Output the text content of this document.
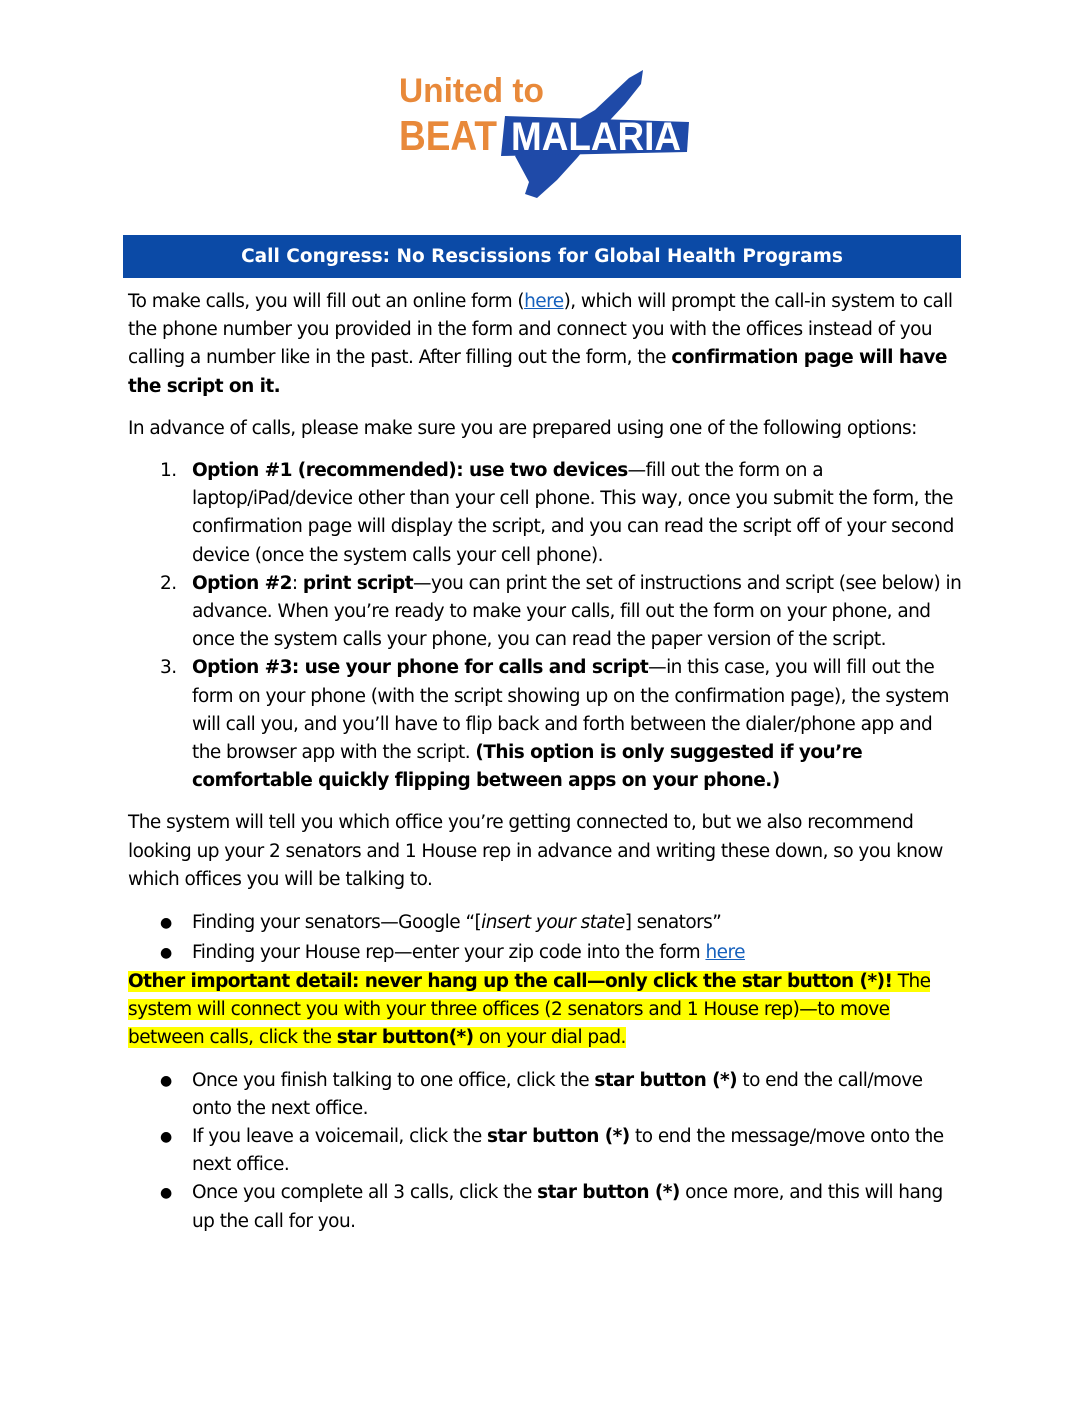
United to
BEAT MALARIA
Call Congress: No Rescissions for Global Health Programs

To make calls, you will fill out an online form (here), which will prompt the call-in system to call the phone number you provided in the form and connect you with the offices instead of you calling a number like in the past. After filling out the form, the confirmation page will have the script on it.

In advance of calls, please make sure you are prepared using one of the following options:

1. Option #1 (recommended): use two devices—fill out the form on a laptop/iPad/device other than your cell phone. This way, once you submit the form, the confirmation page will display the script, and you can read the script off of your second device (once the system calls your cell phone).
2. Option #2: print script—you can print the set of instructions and script (see below) in advance. When you’re ready to make your calls, fill out the form on your phone, and once the system calls your phone, you can read the paper version of the script.
3. Option #3: use your phone for calls and script—in this case, you will fill out the form on your phone (with the script showing up on the confirmation page), the system will call you, and you’ll have to flip back and forth between the dialer/phone app and the browser app with the script. (This option is only suggested if you’re comfortable quickly flipping between apps on your phone.)

The system will tell you which office you’re getting connected to, but we also recommend looking up your 2 senators and 1 House rep in advance and writing these down, so you know which offices you will be talking to.

● Finding your senators—Google “[insert your state] senators”
● Finding your House rep—enter your zip code into the form here

Other important detail: never hang up the call—only click the star button (*)! The system will connect you with your three offices (2 senators and 1 House rep)—to move between calls, click the star button(*) on your dial pad.

● Once you finish talking to one office, click the star button (*) to end the call/move onto the next office.
● If you leave a voicemail, click the star button (*) to end the message/move onto the next office.
● Once you complete all 3 calls, click the star button (*) once more, and this will hang up the call for you.
